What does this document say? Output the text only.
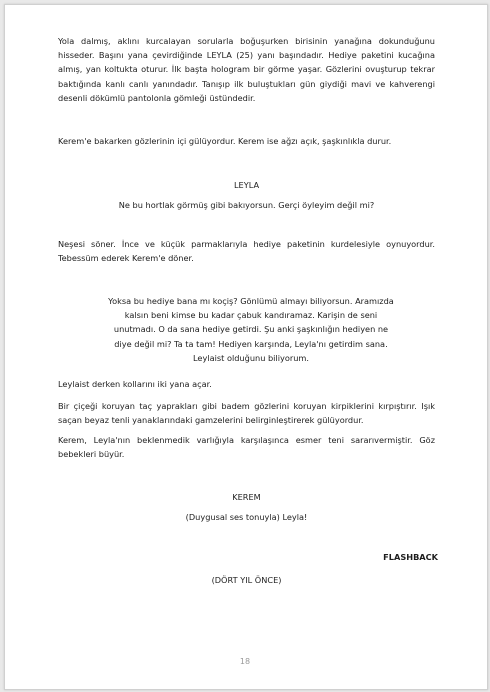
Yola dalmış, aklını kurcalayan sorularla boğuşurken birisinin yanağına dokunduğunu hisseder. Başını yana çevirdiğinde LEYLA (25) yanı başındadır. Hediye paketini kucağına almış, yan koltukta oturur. İlk başta hologram bir görme yaşar. Gözlerini ovuşturup tekrar baktığında kanlı canlı yanındadır. Tanışıp ilk buluştukları gün giydiği mavi ve kahverengi desenli dökümlü pantolonla gömleği üstündedir.

Kerem'e bakarken gözlerinin içi gülüyordur. Kerem ise ağzı açık, şaşkınlıkla durur.

LEYLA

Ne bu hortlak görmüş gibi bakıyorsun. Gerçi öyleyim değil mi?

Neşesi söner. İnce ve küçük parmaklarıyla hediye paketinin kurdelesiyle oynuyordur. Tebessüm ederek Kerem'e döner.

Yoksa bu hediye bana mı koçiş? Gönlümü almayı biliyorsun. Aramızda kalsın beni kimse bu kadar çabuk kandıramaz. Karişin de seni unutmadı. O da sana hediye getirdi. Şu anki şaşkınlığın hediyen ne diye değil mi? Ta ta tam! Hediyen karşında, Leyla'nı getirdim sana. Leylaist olduğunu biliyorum.

Leylaist derken kollarını iki yana açar.

Bir çiçeği koruyan taç yaprakları gibi badem gözlerini koruyan kirpiklerini kırpıştırır. Işık saçan beyaz tenli yanaklarındaki gamzelerini belirginleştirerek gülüyordur.

Kerem, Leyla'nın beklenmedik varlığıyla karşılaşınca esmer teni sararıvermiştir. Göz bebekleri büyür.

KEREM

(Duygusal ses tonuyla) Leyla!

FLASHBACK

(DÖRT YIL ÖNCE)

18
